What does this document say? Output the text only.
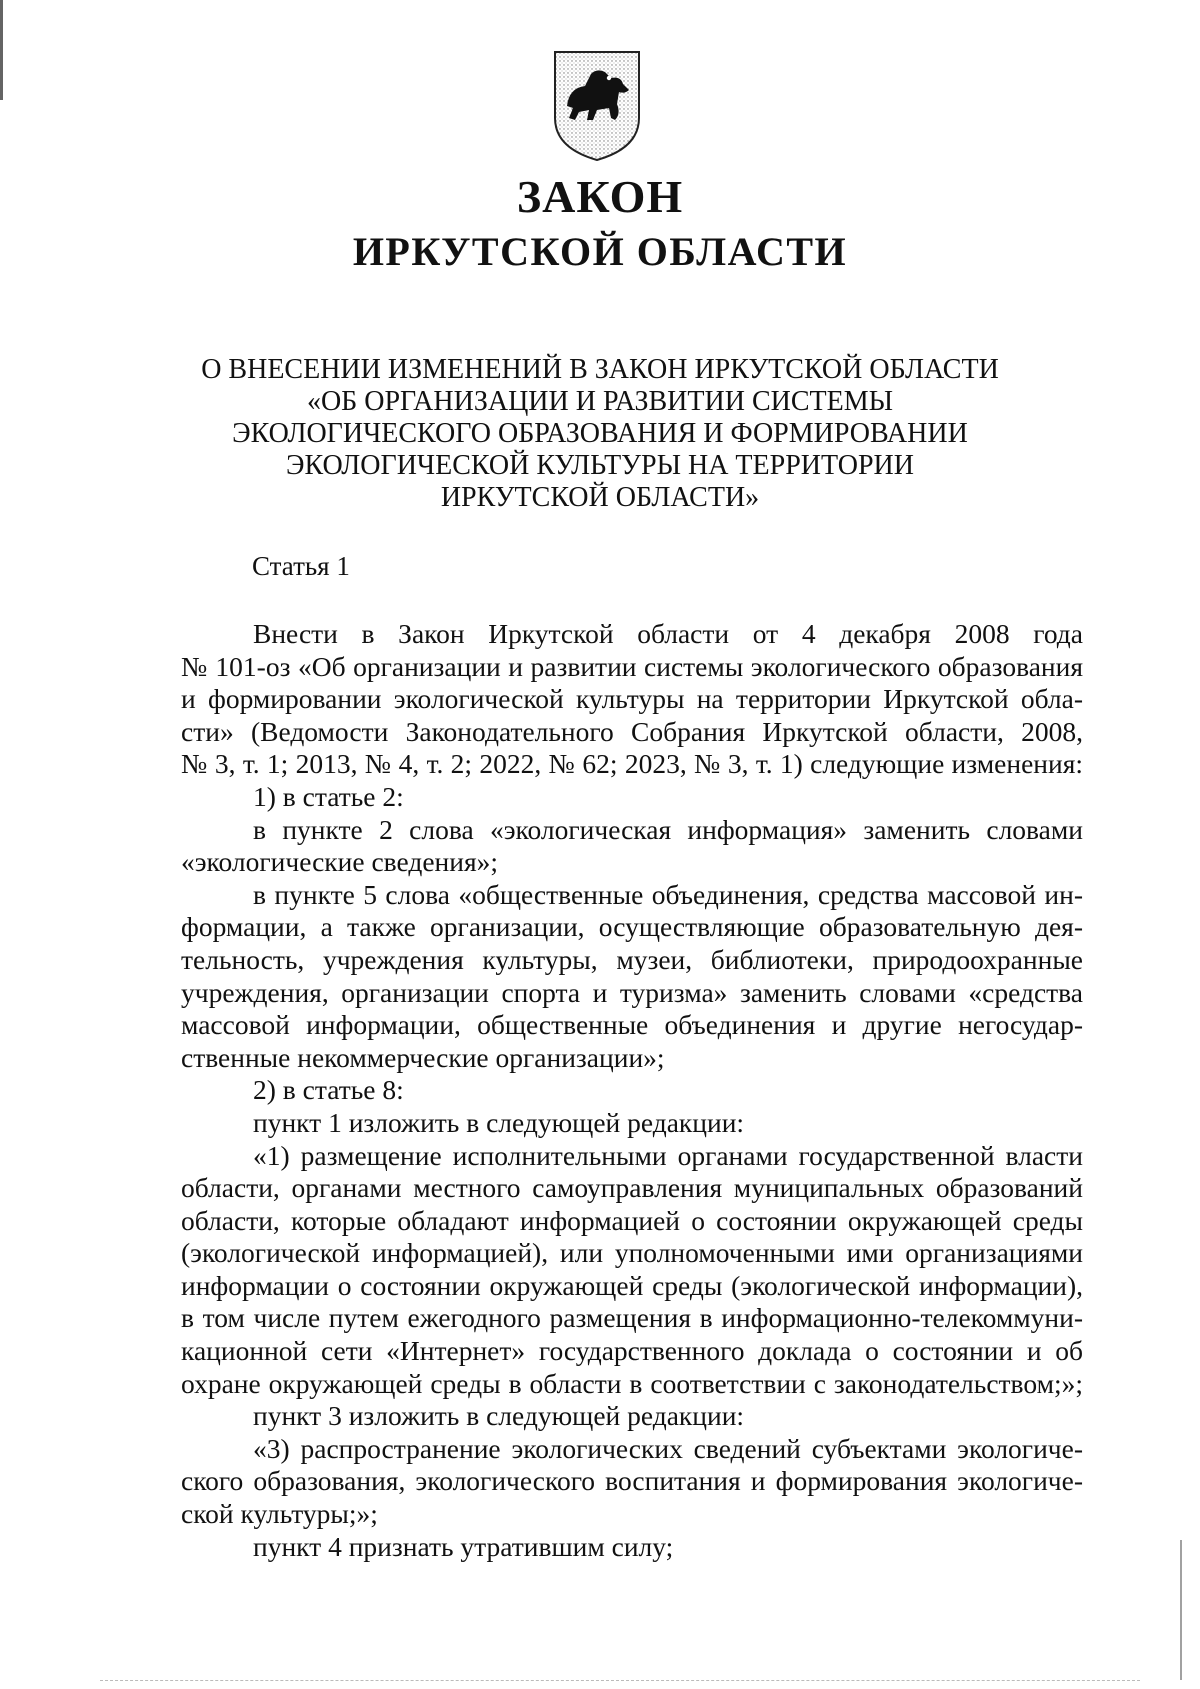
ЗАКОН
ИРКУТСКОЙ ОБЛАСТИ
О ВНЕСЕНИИ ИЗМЕНЕНИЙ В ЗАКОН ИРКУТСКОЙ ОБЛАСТИ
«ОБ ОРГАНИЗАЦИИ И РАЗВИТИИ СИСТЕМЫ
ЭКОЛОГИЧЕСКОГО ОБРАЗОВАНИЯ И ФОРМИРОВАНИИ
ЭКОЛОГИЧЕСКОЙ КУЛЬТУРЫ НА ТЕРРИТОРИИ
ИРКУТСКОЙ ОБЛАСТИ»
Статья 1
Внести в Закон Иркутской области от 4 декабря 2008 года
№ 101-оз «Об организации и развитии системы экологического образования
и формировании экологической культуры на территории Иркутской обла-
сти» (Ведомости Законодательного Собрания Иркутской области, 2008,
№ 3, т. 1; 2013, № 4, т. 2; 2022, № 62; 2023, № 3, т. 1) следующие изменения:
1) в статье 2:
в пункте 2 слова «экологическая информация» заменить словами
«экологические сведения»;
в пункте 5 слова «общественные объединения, средства массовой ин-
формации, а также организации, осуществляющие образовательную дея-
тельность, учреждения культуры, музеи, библиотеки, природоохранные
учреждения, организации спорта и туризма» заменить словами «средства
массовой информации, общественные объединения и другие негосудар-
ственные некоммерческие организации»;
2) в статье 8:
пункт 1 изложить в следующей редакции:
«1) размещение исполнительными органами государственной власти
области, органами местного самоуправления муниципальных образований
области, которые обладают информацией о состоянии окружающей среды
(экологической информацией), или уполномоченными ими организациями
информации о состоянии окружающей среды (экологической информации),
в том числе путем ежегодного размещения в информационно-телекоммуни-
кационной сети «Интернет» государственного доклада о состоянии и об
охране окружающей среды в области в соответствии с законодательством;»;
пункт 3 изложить в следующей редакции:
«3) распространение экологических сведений субъектами экологиче-
ского образования, экологического воспитания и формирования экологиче-
ской культуры;»;
пункт 4 признать утратившим силу;
